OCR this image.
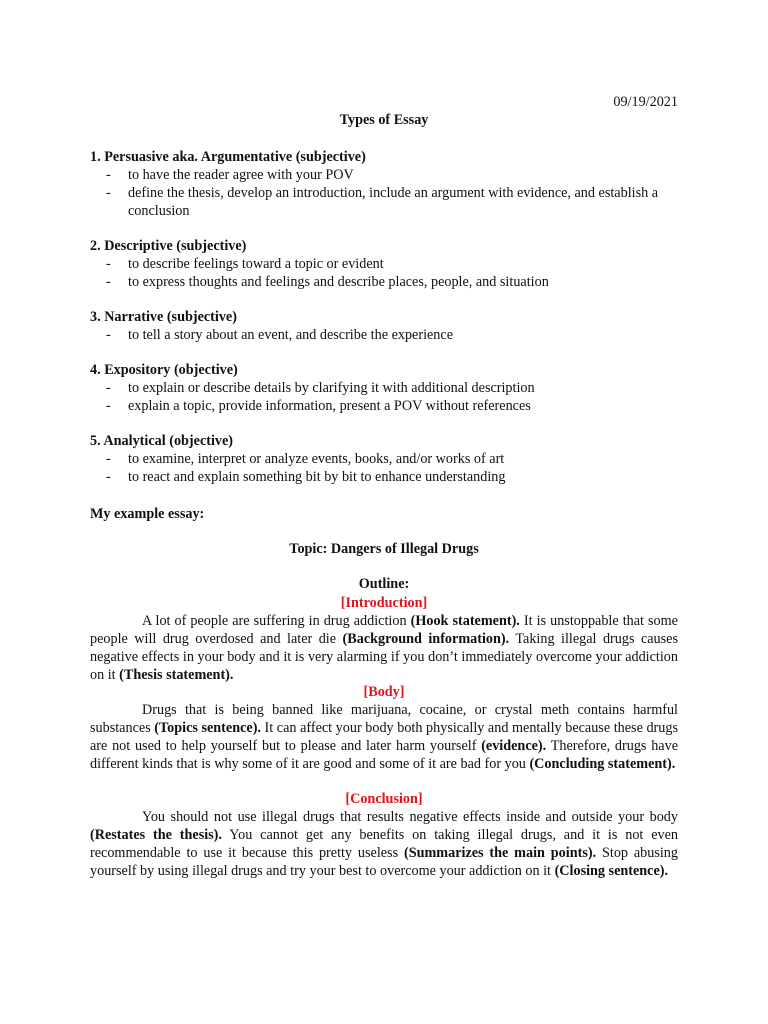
09/19/2021
Types of Essay
1. Persuasive aka. Argumentative (subjective)
- to have the reader agree with your POV
- define the thesis, develop an introduction, include an argument with evidence, and establish a conclusion
2. Descriptive (subjective)
- to describe feelings toward a topic or evident
- to express thoughts and feelings and describe places, people, and situation
3. Narrative (subjective)
- to tell a story about an event, and describe the experience
4. Expository (objective)
- to explain or describe details by clarifying it with additional description
- explain a topic, provide information, present a POV without references
5. Analytical (objective)
- to examine, interpret or analyze events, books, and/or works of art
- to react and explain something bit by bit to enhance understanding
My example essay:
Topic: Dangers of Illegal Drugs
Outline:
[Introduction]

A lot of people are suffering in drug addiction (Hook statement). It is unstoppable that some people will drug overdosed and later die (Background information). Taking illegal drugs causes negative effects in your body and it is very alarming if you don’t immediately overcome your addiction on it (Thesis statement).

[Body]

Drugs that is being banned like marijuana, cocaine, or crystal meth contains harmful substances (Topics sentence). It can affect your body both physically and mentally because these drugs are not used to help yourself but to please and later harm yourself (evidence). Therefore, drugs have different kinds that is why some of it are good and some of it are bad for you (Concluding statement).

[Conclusion]

You should not use illegal drugs that results negative effects inside and outside your body (Restates the thesis). You cannot get any benefits on taking illegal drugs, and it is not even recommendable to use it because this pretty useless (Summarizes the main points). Stop abusing yourself by using illegal drugs and try your best to overcome your addiction on it (Closing sentence).
